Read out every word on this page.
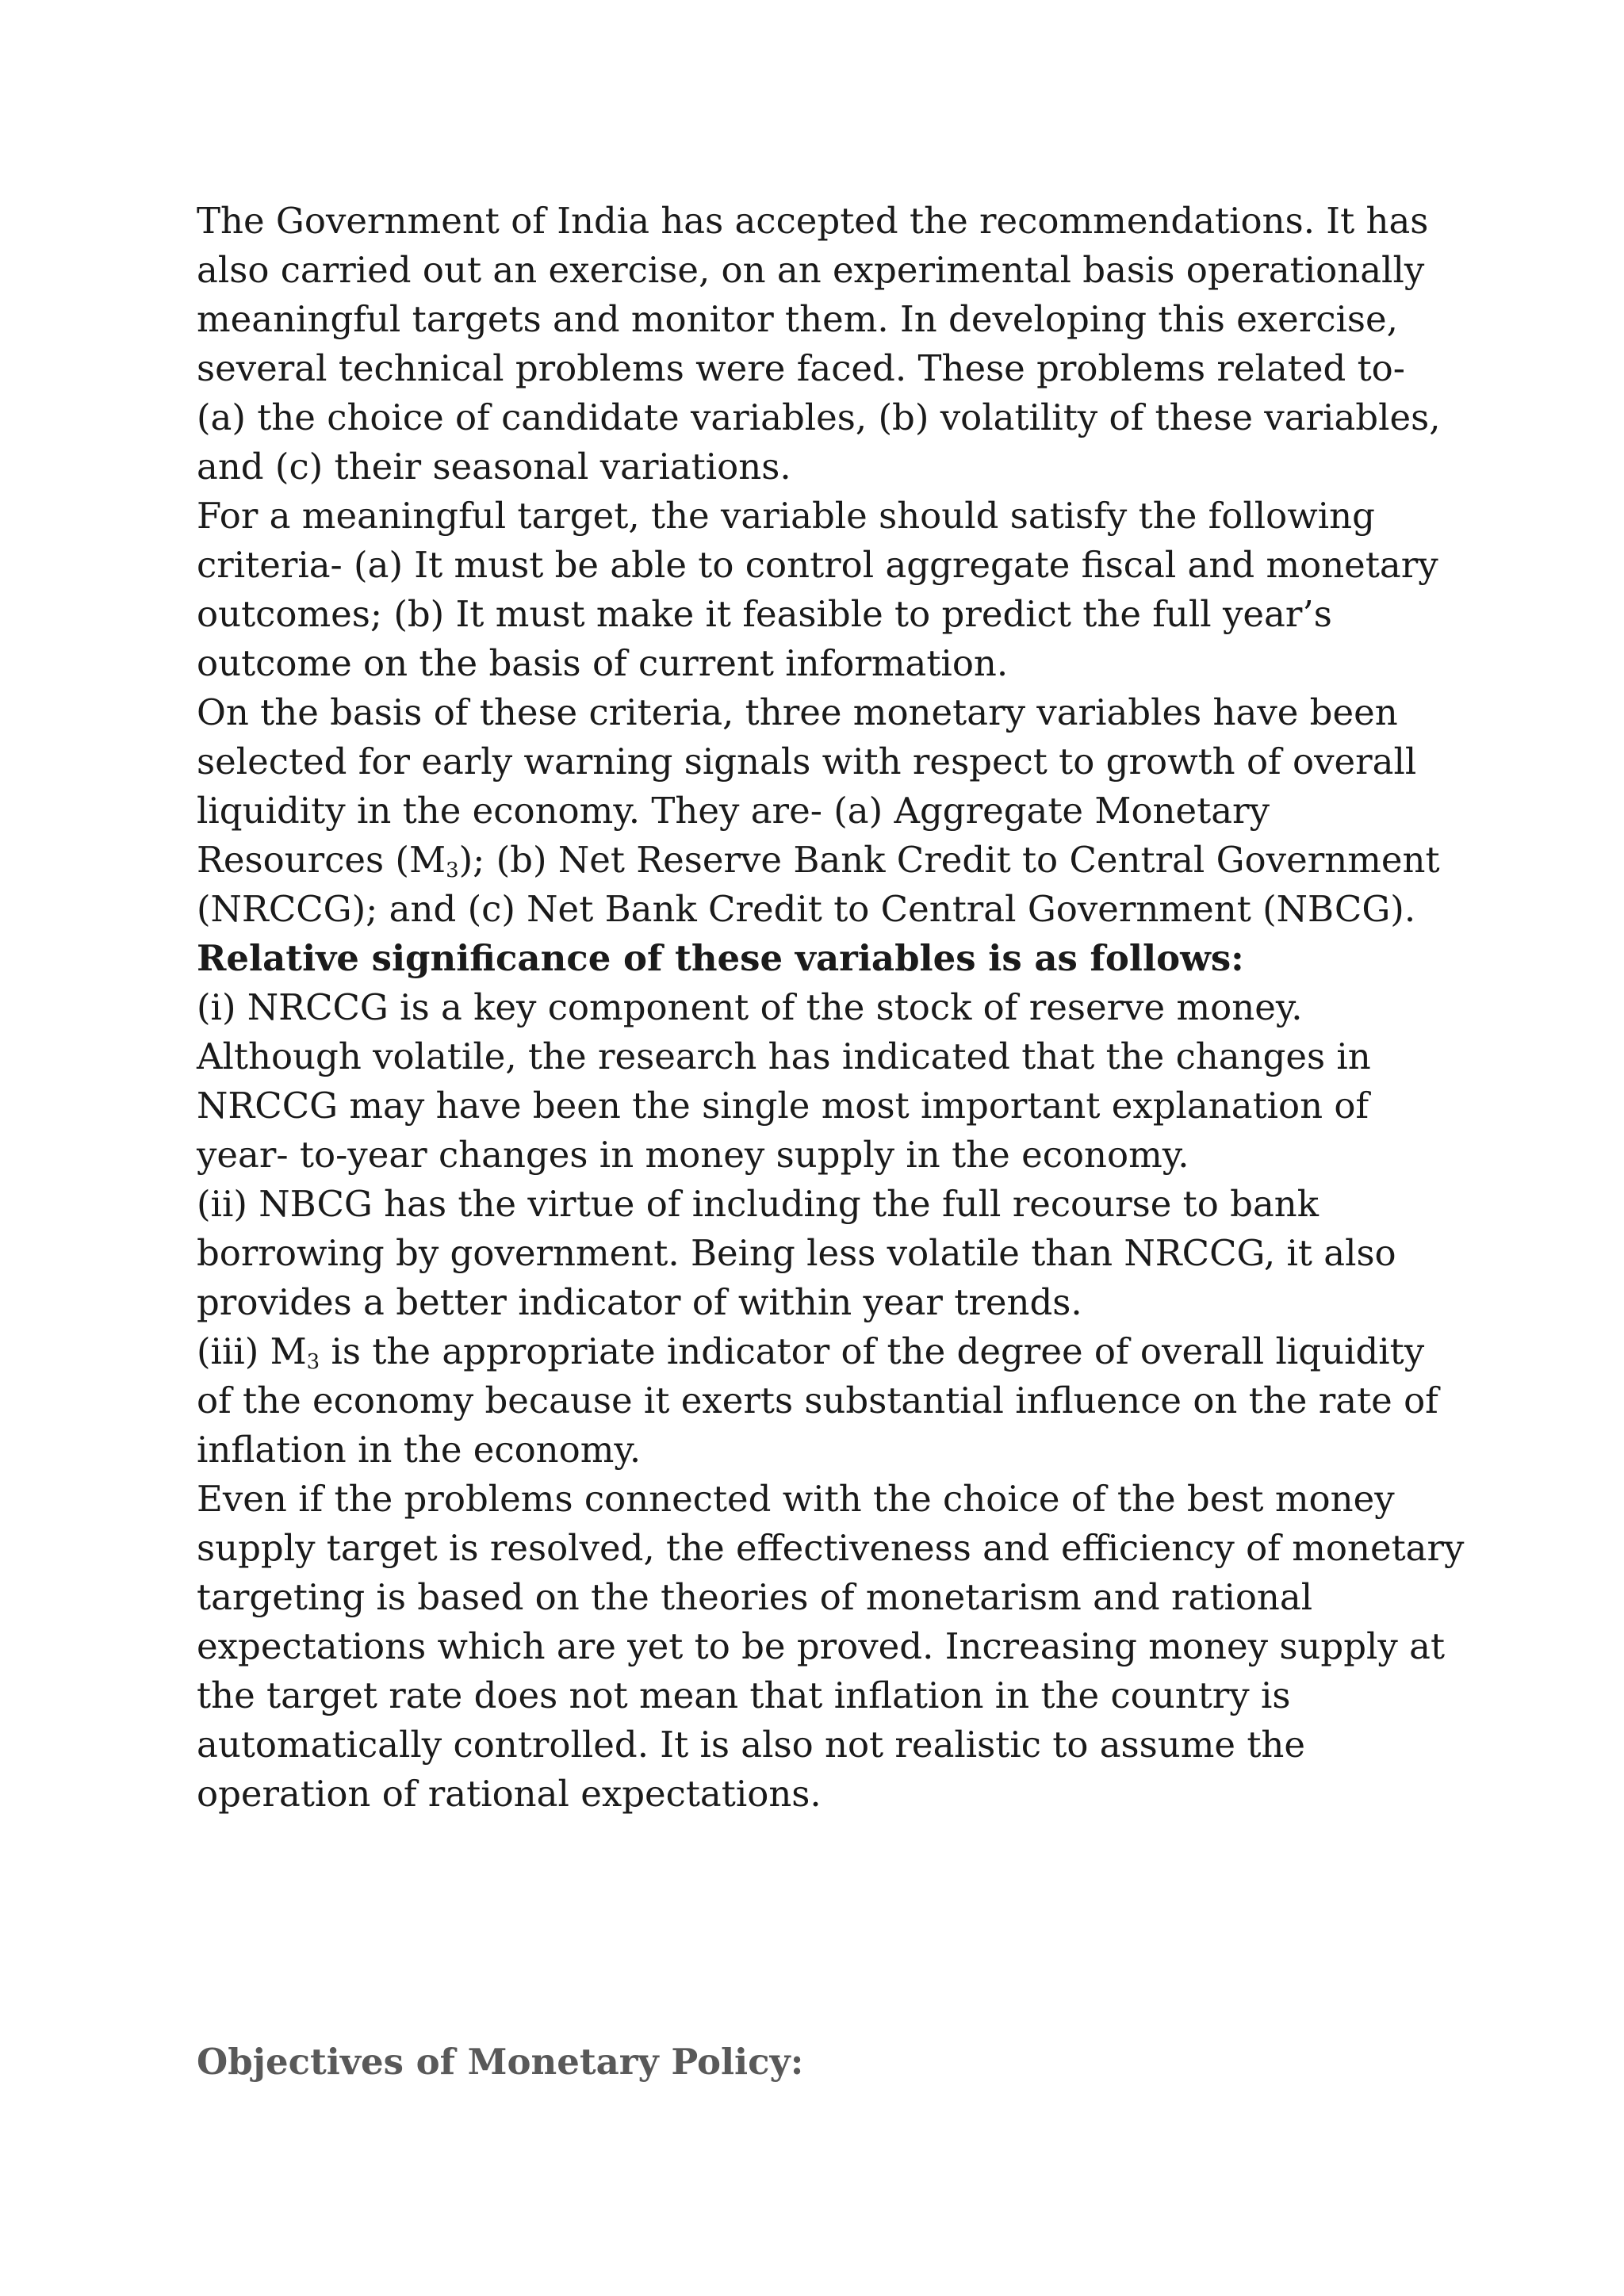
The Government of India has accepted the recommendations. It has also carried out an exercise, on an experimental basis operationally meaningful targets and monitor them. In developing this exercise, several technical problems were faced. These problems related to- (a) the choice of candidate variables, (b) volatility of these variables, and (c) their seasonal variations.

For a meaningful target, the variable should satisfy the following criteria- (a) It must be able to control aggregate fiscal and monetary outcomes; (b) It must make it feasible to predict the full year’s outcome on the basis of current information.

On the basis of these criteria, three monetary variables have been selected for early warning signals with respect to growth of overall liquidity in the economy. They are- (a) Aggregate Monetary Resources $(M_3)$; (b) Net Reserve Bank Credit to Central Government (NRCCG); and (c) Net Bank Credit to Central Government (NBCG).

Relative significance of these variables is as follows:

(i) NRCCG is a key component of the stock of reserve money. Although volatile, the research has indicated that the changes in NRCCG may have been the single most important explanation of year- to-year changes in money supply in the economy.

(ii) NBCG has the virtue of including the full recourse to bank borrowing by government. Being less volatile than NRCCG, it also provides a better indicator of within year trends.

(iii) $M_3$ is the appropriate indicator of the degree of overall liquidity of the economy because it exerts substantial influence on the rate of inflation in the economy.

Even if the problems connected with the choice of the best money supply target is resolved, the effectiveness and efficiency of monetary targeting is based on the theories of monetarism and rational expectations which are yet to be proved. Increasing money supply at the target rate does not mean that inflation in the country is automatically controlled. It is also not realistic to assume the operation of rational expectations.

Objectives of Monetary Policy:
